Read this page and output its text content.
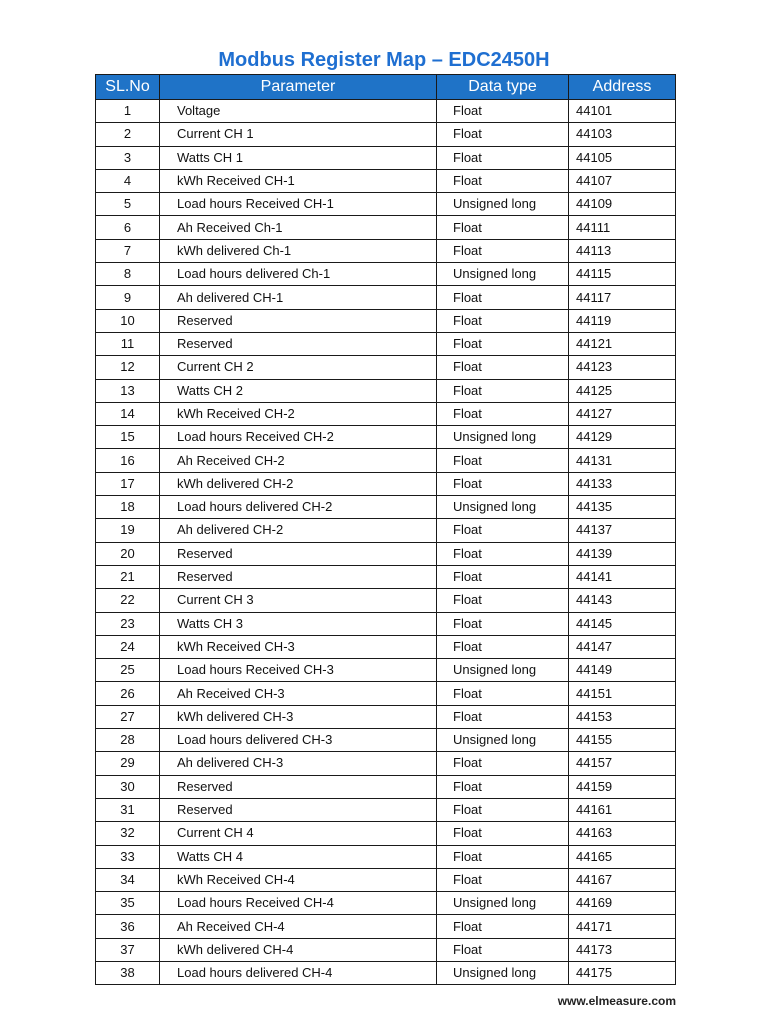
Modbus Register Map – EDC2450H
SL.No	Parameter	Data type	Address
1	Voltage	Float	44101
2	Current CH 1	Float	44103
3	Watts CH 1	Float	44105
4	kWh Received CH-1	Float	44107
5	Load hours Received CH-1	Unsigned long	44109
6	Ah Received Ch-1	Float	44111
7	kWh delivered Ch-1	Float	44113
8	Load hours delivered Ch-1	Unsigned long	44115
9	Ah delivered CH-1	Float	44117
10	Reserved	Float	44119
11	Reserved	Float	44121
12	Current CH 2	Float	44123
13	Watts CH 2	Float	44125
14	kWh Received CH-2	Float	44127
15	Load hours Received CH-2	Unsigned long	44129
16	Ah Received CH-2	Float	44131
17	kWh delivered CH-2	Float	44133
18	Load hours delivered CH-2	Unsigned long	44135
19	Ah delivered CH-2	Float	44137
20	Reserved	Float	44139
21	Reserved	Float	44141
22	Current CH 3	Float	44143
23	Watts CH 3	Float	44145
24	kWh Received CH-3	Float	44147
25	Load hours Received CH-3	Unsigned long	44149
26	Ah Received CH-3	Float	44151
27	kWh delivered CH-3	Float	44153
28	Load hours delivered CH-3	Unsigned long	44155
29	Ah delivered CH-3	Float	44157
30	Reserved	Float	44159
31	Reserved	Float	44161
32	Current CH 4	Float	44163
33	Watts CH 4	Float	44165
34	kWh Received CH-4	Float	44167
35	Load hours Received CH-4	Unsigned long	44169
36	Ah Received CH-4	Float	44171
37	kWh delivered CH-4	Float	44173
38	Load hours delivered CH-4	Unsigned long	44175
www.elmeasure.com
